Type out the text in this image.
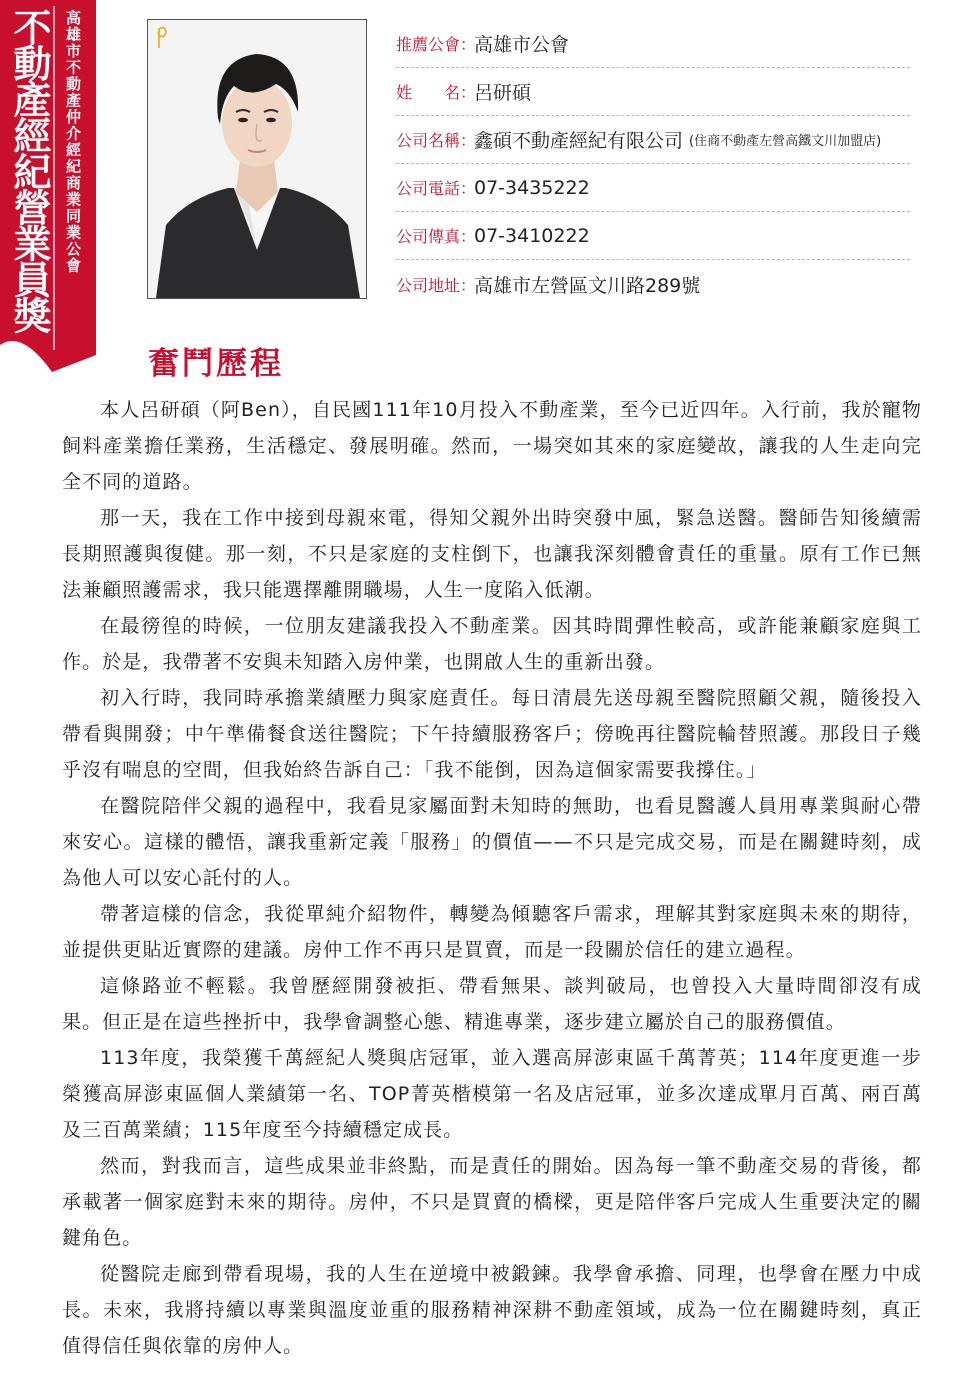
不動產經紀營業員獎 高雄市不動產仲介經紀商業同業公會	推薦公會：
高雄市公會
姓　　名：
呂研碩
公司名稱：
鑫碩不動產經紀有限公司 (住商不動產左營高鐵文川加盟店)
公司電話：
07-3435222
公司傳真：
07-3410222
公司地址：
高雄市左營區文川路289號
奮鬥歷程

本人呂研碩（阿Ben），自民國111年10月投入不動產業，至今已近四年。入行前，我於寵物飼料產業擔任業務，生活穩定、發展明確。然而，一場突如其來的家庭變故，讓我的人生走向完全不同的道路。

那一天，我在工作中接到母親來電，得知父親外出時突發中風，緊急送醫。醫師告知後續需長期照護與復健。那一刻，不只是家庭的支柱倒下，也讓我深刻體會責任的重量。原有工作已無法兼顧照護需求，我只能選擇離開職場，人生一度陷入低潮。

在最徬徨的時候，一位朋友建議我投入不動產業。因其時間彈性較高，或許能兼顧家庭與工作。於是，我帶著不安與未知踏入房仲業，也開啟人生的重新出發。

初入行時，我同時承擔業績壓力與家庭責任。每日清晨先送母親至醫院照顧父親，隨後投入帶看與開發；中午準備餐食送往醫院；下午持續服務客戶；傍晚再往醫院輪替照護。那段日子幾乎沒有喘息的空間，但我始終告訴自己：「我不能倒，因為這個家需要我撐住。」

在醫院陪伴父親的過程中，我看見家屬面對未知時的無助，也看見醫護人員用專業與耐心帶來安心。這樣的體悟，讓我重新定義「服務」的價值——不只是完成交易，而是在關鍵時刻，成為他人可以安心託付的人。

帶著這樣的信念，我從單純介紹物件，轉變為傾聽客戶需求，理解其對家庭與未來的期待，並提供更貼近實際的建議。房仲工作不再只是買賣，而是一段關於信任的建立過程。

這條路並不輕鬆。我曾歷經開發被拒、帶看無果、談判破局，也曾投入大量時間卻沒有成果。但正是在這些挫折中，我學會調整心態、精進專業，逐步建立屬於自己的服務價值。

113年度，我榮獲千萬經紀人獎與店冠軍，並入選高屏澎東區千萬菁英；114年度更進一步榮獲高屏澎東區個人業績第一名、TOP菁英楷模第一名及店冠軍，並多次達成單月百萬、兩百萬及三百萬業績；115年度至今持續穩定成長。

然而，對我而言，這些成果並非終點，而是責任的開始。因為每一筆不動產交易的背後，都承載著一個家庭對未來的期待。房仲，不只是買賣的橋樑，更是陪伴客戶完成人生重要決定的關鍵角色。

從醫院走廊到帶看現場，我的人生在逆境中被鍛鍊。我學會承擔、同理，也學會在壓力中成長。未來，我將持續以專業與溫度並重的服務精神深耕不動產領域，成為一位在關鍵時刻，真正值得信任與依靠的房仲人。
